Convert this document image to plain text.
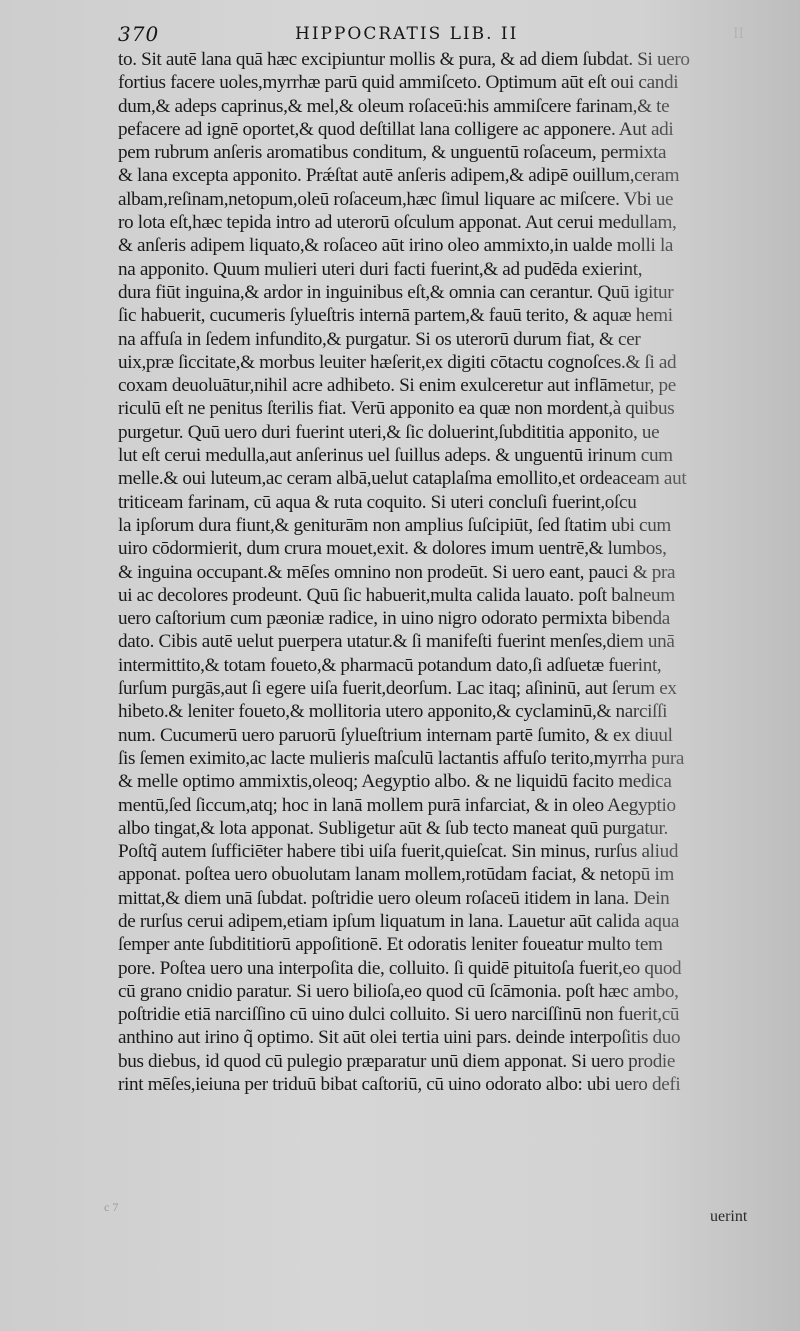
370	HIPPOCRATIS LIB. II	II
to. Sit autē lana quā hæc excipiuntur mollis & pura, & ad diem ſubdat. Si uero
fortius facere uoles,myrrhæ parū quid ammiſceto. Optimum aūt eſt oui candi
dum,& adeps caprinus,& mel,& oleum roſaceū:his ammiſcere farinam,& te
pefacere ad ignē oportet,& quod deſtillat lana colligere ac apponere. Aut adi
pem rubrum anſeris aromatibus conditum, & unguentū roſaceum, permixta
& lana excepta apponito. Prǽſtat autē anſeris adipem,& adipē ouillum,ceram
albam,reſinam,netopum,oleū roſaceum,hæc ſimul liquare ac miſcere. Vbi ue
ro lota eſt,hæc tepida intro ad uterorū oſculum apponat. Aut cerui medullam,
& anſeris adipem liquato,& roſaceo aūt irino oleo ammixto,in ualde molli la
na apponito. Quum mulieri uteri duri facti fuerint,& ad pudēda exierint,
dura fiūt inguina,& ardor in inguinibus eſt,& omnia can cerantur. Quū igitur
ſic habuerit, cucumeris ſylueſtris internā partem,& fauū terito, & aquæ hemi
na affuſa in ſedem infundito,& purgatur. Si os uterorū durum fiat, & cer
uix,præ ſiccitate,& morbus leuiter hæſerit,ex digiti cōtactu cognoſces.& ſi ad
coxam deuoluātur,nihil acre adhibeto. Si enim exulceretur aut inflāmetur, pe
riculū eſt ne penitus ſterilis fiat. Verū apponito ea quæ non mordent,à quibus
purgetur. Quū uero duri fuerint uteri,& ſic doluerint,ſubdititi​a apponito, ue
lut eſt cerui medulla,aut anſerinus uel ſuillus adeps. & unguentū irinum cum
melle.& oui luteum,ac ceram albā,uelut cataplaſma emollito,et ordeaceam aut
triticeam farinam, cū aqua & ruta coquito. Si uteri concluſi fuerint,oſcu
la ipſorum dura fiunt,& geniturām non amplius ſuſcipiūt, ſed ſtatim ubi cum
uiro cōdormierit, dum crura mouet,exit. & dolores imum uentrē,& lumbos,
& inguina occupant.& mēſes omnino non prodeūt. Si uero eant, pauci & pra
ui ac decolores prodeunt. Quū ſic habuerit,multa calida lauato. poſt balneum
uero caſtorium cum pæoniæ radice, in uino nigro odorato permixta bibenda
dato. Cibis autē uelut puerpera utatur.& ſi manifeſti fuerint menſes,diem unā
intermittito,& totam foueto,& pharmacū potandum dato,ſi adſuetæ fuerint,
ſurſum purgās,aut ſi egere uiſa fuerit,deorſum. Lac itaq; aſininū, aut ſerum ex
hibeto.& leniter foueto,& mollitoria utero apponito,& cyclaminū,& narciſſi
num. Cucumerū uero paruorū ſylueſtrium internam partē ſumito, & ex diuul
ſis ſemen eximito,ac lacte mulieris maſculū lactantis affuſo terito,myrrha pura
& melle optimo ammixtis,oleoq; Aegyptio albo. & ne liquidū facito medica
mentū,ſed ſiccum,atq; hoc in lanā mollem purā infarciat, & in oleo Aegyptio
albo tingat,& lota apponat. Subligetur aūt & ſub tecto maneat quū purgatur.
Poſtq̃ autem ſufficiēter habere tibi uiſa fuerit,quieſcat. Sin minus, rurſus aliud
apponat. poſtea uero obuolutam lanam mollem,rotūdam faciat, & netopū im
mittat,& diem unā ſubdat. poſtridie uero oleum roſaceū itidem in lana. Dein
de rurſus cerui adipem,etiam ipſum liquatum in lana. Lauetur aūt calida aqua
ſemper ante ſubdititi​orū appoſitionē. Et odoratis leniter foueatur multo tem
pore. Poſtea uero una interpoſita die, colluito. ſi quidē pituitoſa fuerit,eo quod
cū grano cnidio paratur. Si uero bilioſa,eo quod cū ſcāmonia. poſt hæc ambo,
poſtridie etiā narciſſino cū uino dulci colluito. Si uero narciſſinū non fuerit,cū
anthino aut irino q̃ optimo. Sit aūt olei tertia uini pars. deinde interpoſitis duo
bus diebus, id quod cū pulegio præparatur unū diem apponat. Si uero prodie
rint mēſes,ieiuna per triduū bibat caſtoriū, cū uino odorato albo: ubi uero defi
c 7
uerint
